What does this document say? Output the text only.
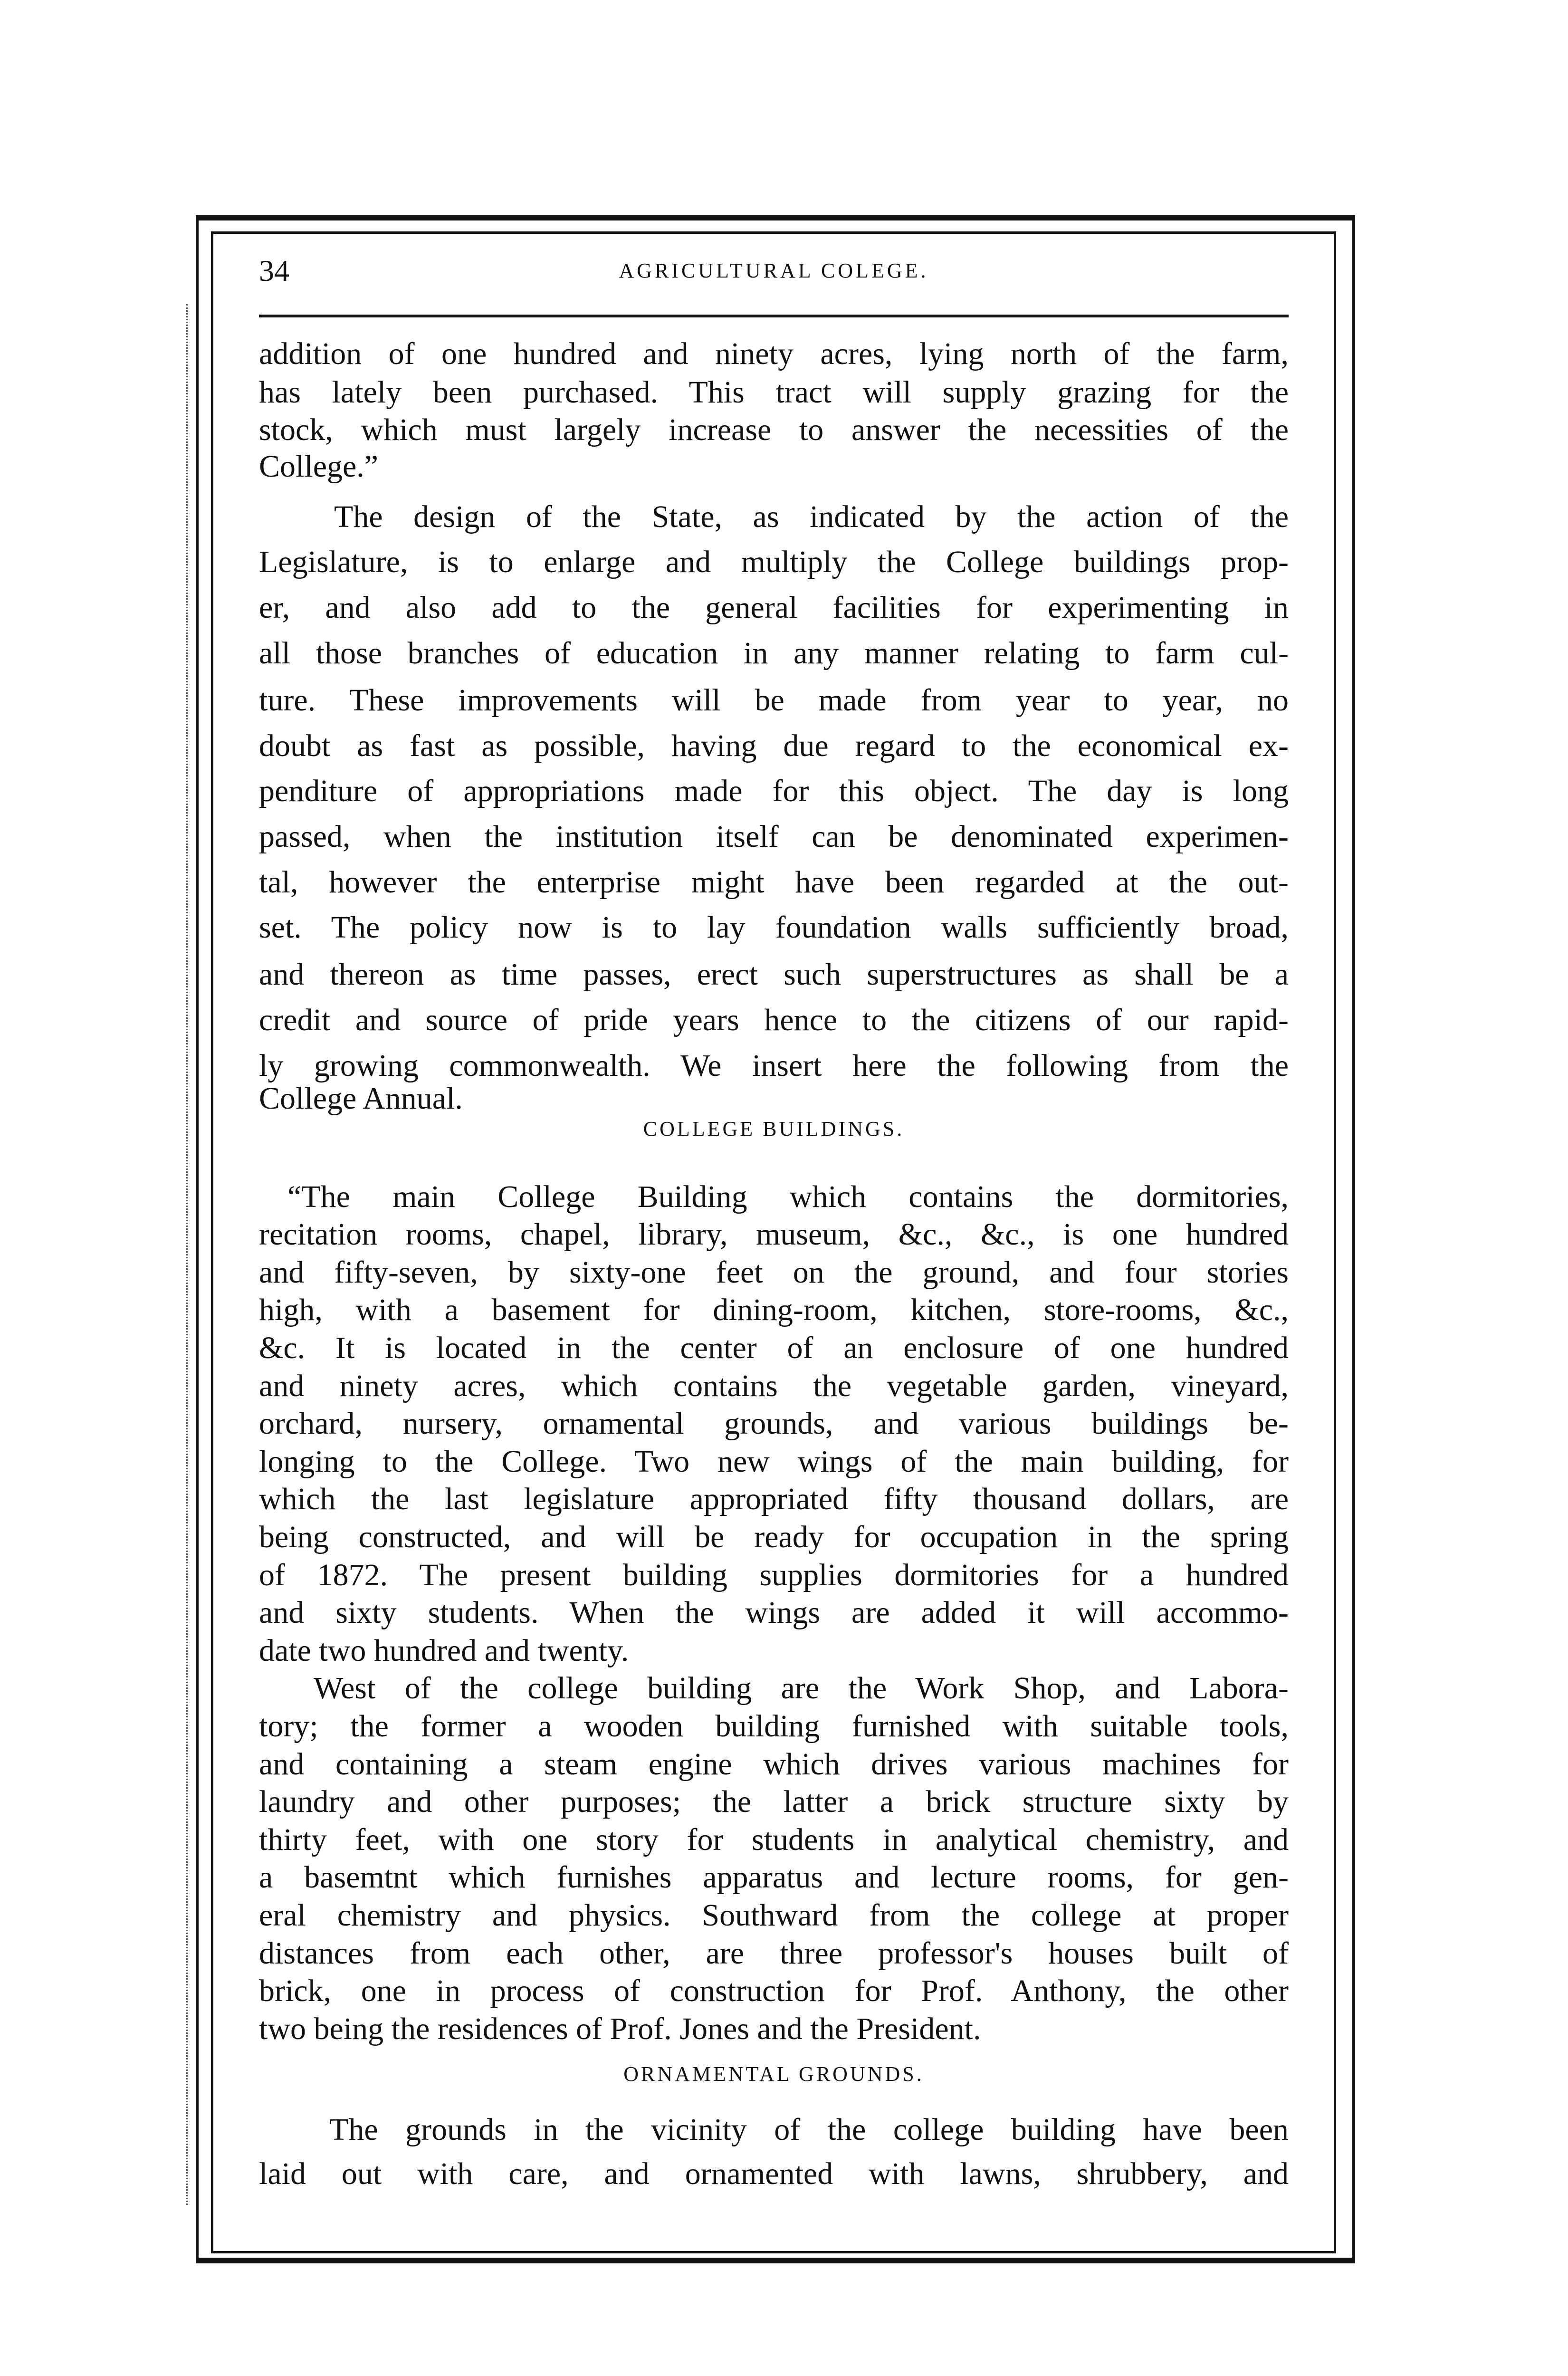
34	AGRICULTURAL COLEGE.
addition of one hundred and ninety acres, lying north of the farm,
has lately been purchased. This tract will supply grazing for the
stock, which must largely increase to answer the necessities of the
College.”
The design of the State, as indicated by the action of the
Legislature, is to enlarge and multiply the College buildings prop-
er, and also add to the general facilities for experimenting in
all those branches of education in any manner relating to farm cul-
ture. These improvements will be made from year to year, no
doubt as fast as possible, having due regard to the economical ex-
penditure of appropriations made for this object. The day is long
passed, when the institution itself can be denominated experimen-
tal, however the enterprise might have been regarded at the out-
set. The policy now is to lay foundation walls sufficiently broad,
and thereon as time passes, erect such superstructures as shall be a
credit and source of pride years hence to the citizens of our rapid-
ly growing commonwealth. We insert here the following from the
College Annual.
“The main College Building which contains the dormitories,
recitation rooms, chapel, library, museum, &c., &c., is one hundred
and fifty-seven, by sixty-one feet on the ground, and four stories
high, with a basement for dining-room, kitchen, store-rooms, &c.,
&c. It is located in the center of an enclosure of one hundred
and ninety acres, which contains the vegetable garden, vineyard,
orchard, nursery, ornamental grounds, and various buildings be-
longing to the College. Two new wings of the main building, for
which the last legislature appropriated fifty thousand dollars, are
being constructed, and will be ready for occupation in the spring
of 1872. The present building supplies dormitories for a hundred
and sixty students. When the wings are added it will accommo-
date two hundred and twenty.
West of the college building are the Work Shop, and Labora-
tory; the former a wooden building furnished with suitable tools,
and containing a steam engine which drives various machines for
laundry and other purposes; the latter a brick structure sixty by
thirty feet, with one story for students in analytical chemistry, and
a basemtnt which furnishes apparatus and lecture rooms, for gen-
eral chemistry and physics. Southward from the college at proper
distances from each other, are three professor's houses built of
brick, one in process of construction for Prof. Anthony, the other
two being the residences of Prof. Jones and the President.
The grounds in the vicinity of the college building have been
laid out with care, and ornamented with lawns, shrubbery, and
COLLEGE BUILDINGS.
ORNAMENTAL GROUNDS.
